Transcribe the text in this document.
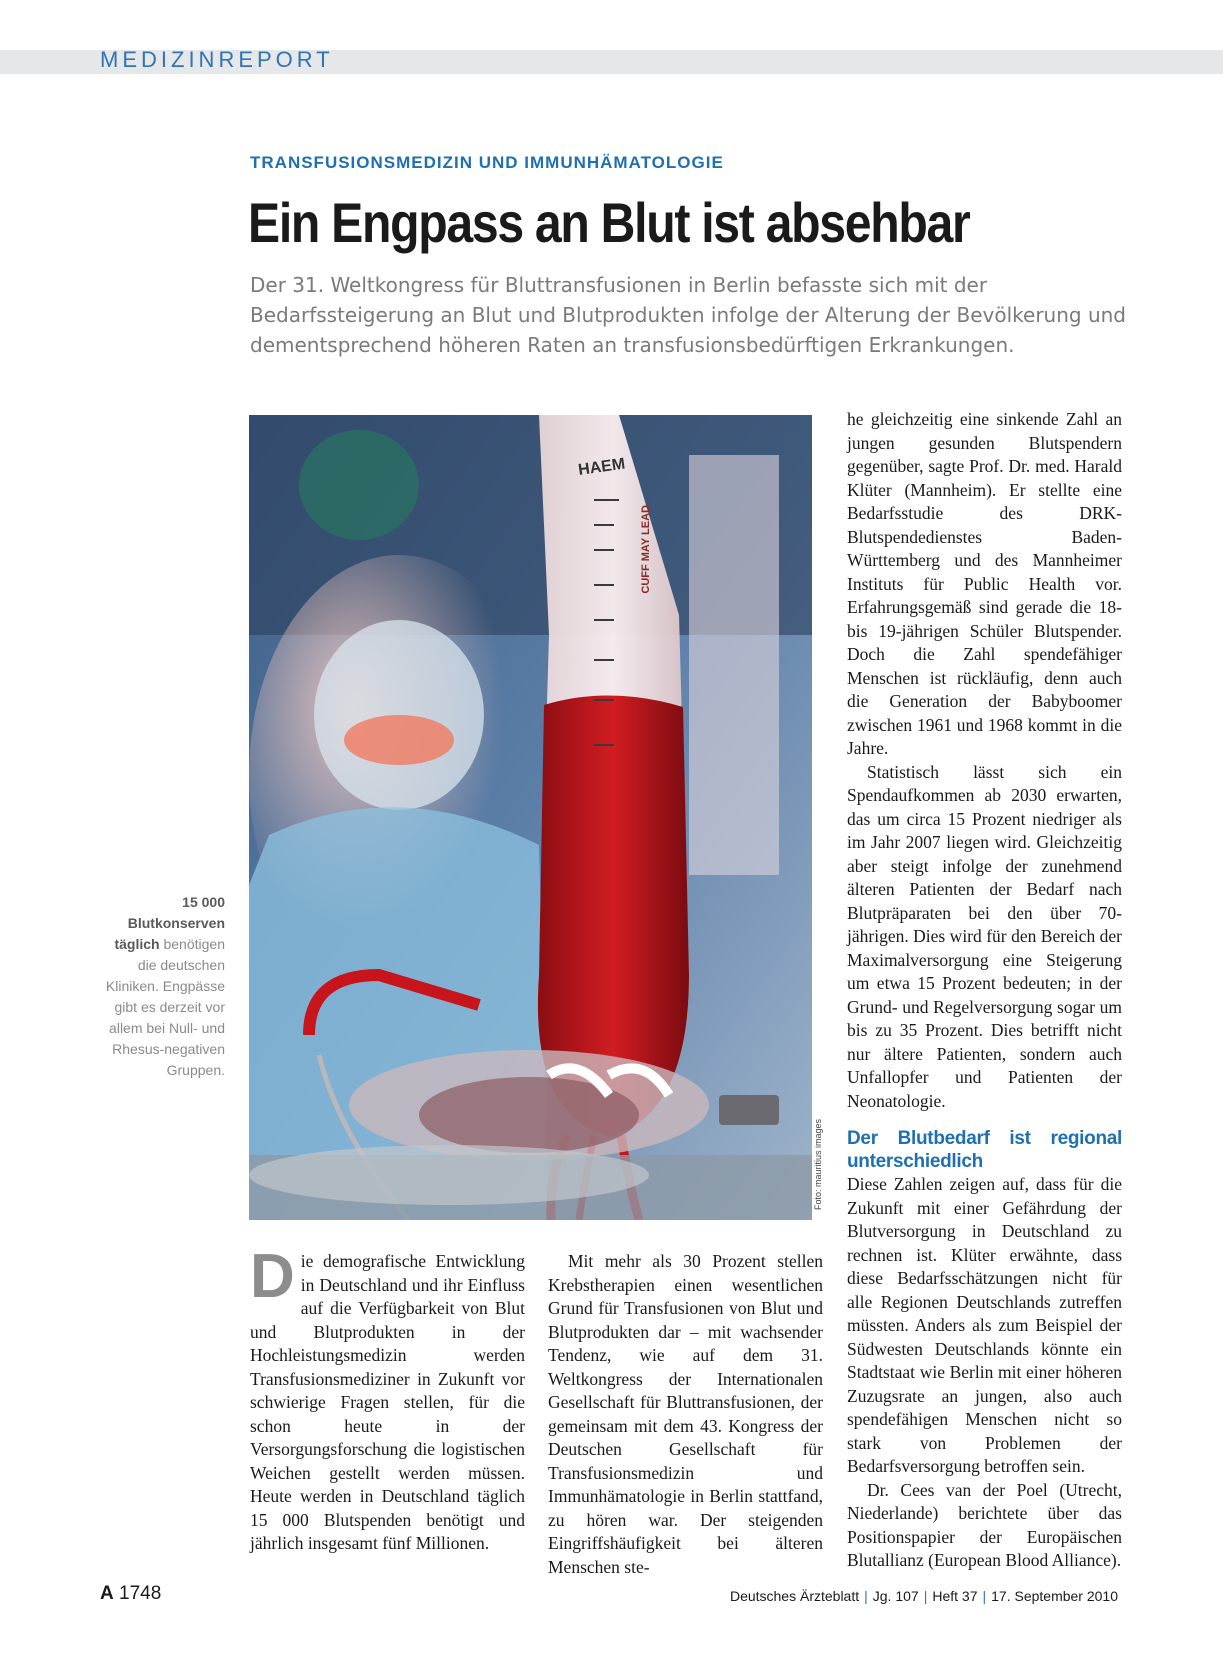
MEDIZINREPORT
TRANSFUSIONSMEDIZIN UND IMMUNHÄMATOLOGIE
Ein Engpass an Blut ist absehbar
Der 31. Weltkongress für Bluttransfusionen in Berlin befasste sich mit der Bedarfssteigerung an Blut und Blutprodukten infolge der Alterung der Bevölkerung und dementsprechend höheren Raten an transfusionsbedürftigen Erkrankungen.
HAEM
CUFF MAY LEAD
Foto: mauritius images
15 000 Blutkonserven täglich benötigen die deutschen Kliniken. Engpässe gibt es derzeit vor allem bei Null- und Rhesus-negativen Gruppen.
D ie demografische Entwicklung in Deutschland und ihr Einfluss auf die Verfügbarkeit von Blut und Blutprodukten in der Hochleistungsmedizin werden Transfusionsmediziner in Zukunft vor schwierige Fragen stellen, für die schon heute in der Versorgungsforschung die logistischen Weichen gestellt werden müssen. Heute werden in Deutschland täglich 15 000 Blutspenden benötigt und jährlich insgesamt fünf Millionen.

Mit mehr als 30 Prozent stellen Krebstherapien einen wesentlichen Grund für Transfusionen von Blut und Blutprodukten dar – mit wachsender Tendenz, wie auf dem 31. Weltkongress der Internationalen Gesellschaft für Bluttransfusionen, der gemeinsam mit dem 43. Kongress der Deutschen Gesellschaft für Transfusionsmedizin und Immunhämatologie in Berlin stattfand, zu hören war. Der steigenden Eingriffshäufigkeit bei älteren Menschen ste-

he gleichzeitig eine sinkende Zahl an jungen gesunden Blutspendern gegenüber, sagte Prof. Dr. med. Harald Klüter (Mannheim). Er stellte eine Bedarfsstudie des DRK-Blutspendedienstes Baden-Württemberg und des Mannheimer Instituts für Public Health vor. Erfahrungsgemäß sind gerade die 18- bis 19-jährigen Schüler Blutspender. Doch die Zahl spendefähiger Menschen ist rückläufig, denn auch die Generation der Babyboomer zwischen 1961 und 1968 kommt in die Jahre.

Statistisch lässt sich ein Spendaufkommen ab 2030 erwarten, das um circa 15 Prozent niedriger als im Jahr 2007 liegen wird. Gleichzeitig aber steigt infolge der zunehmend älteren Patienten der Bedarf nach Blutpräparaten bei den über 70-jährigen. Dies wird für den Bereich der Maximalversorgung eine Steigerung um etwa 15 Prozent bedeuten; in der Grund- und Regelversorgung sogar um bis zu 35 Prozent. Dies betrifft nicht nur ältere Patienten, sondern auch Unfallopfer und Patienten der Neonatologie.

Der Blutbedarf ist regional unterschiedlich

Diese Zahlen zeigen auf, dass für die Zukunft mit einer Gefährdung der Blutversorgung in Deutschland zu rechnen ist. Klüter erwähnte, dass diese Bedarfsschätzungen nicht für alle Regionen Deutschlands zutreffen müssten. Anders als zum Beispiel der Südwesten Deutschlands könnte ein Stadtstaat wie Berlin mit einer höheren Zuzugsrate an jungen, also auch spendefähigen Menschen nicht so stark von Problemen der Bedarfsversorgung betroffen sein.

Dr. Cees van der Poel (Utrecht, Niederlande) berichtete über das Positionspapier der Europäischen Blutallianz (European Blood Alliance).

A 1748	Deutsches Ärzteblatt | Jg. 107 | Heft 37 | 17. September 2010
